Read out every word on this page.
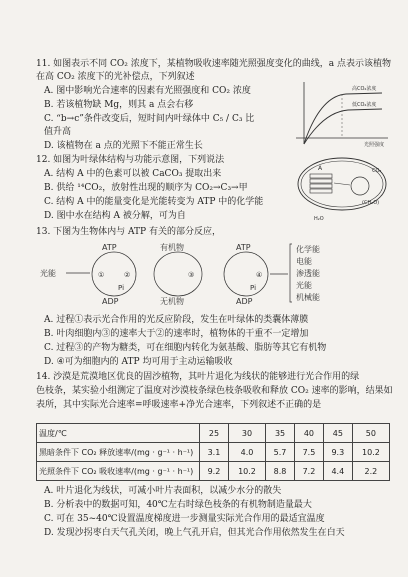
11. 如图表示不同 CO₂ 浓度下，某植物吸收速率随光照强度变化的曲线，a 点表示该植物
在高 CO₂ 浓度下的光补偿点，下列叙述
A. 图中影响光合速率的因素有光照强度和 CO₂ 浓度
B. 若该植物缺 Mg，则其 a 点会右移
C. “b→c”条件改变后，短时间内叶绿体中 C₅ / C₃ 比
值升高
D. 该植物在 a 点的光照下不能正常生长
高CO₂浓度
低CO₂浓度
光照强度
12. 如图为叶绿体结构与功能示意图，下列说法
A. 结构 A 中的色素可以被 CaCO₃ 提取出来
B. 供给 ¹⁴CO₂，放射性出现的顺序为 CO₂→C₃→甲
C. 结构 A 中的能量变化是光能转变为 ATP 中的化学能
D. 图中水在结构 A 被分解，可为自
A	CO₂
(CH₂O)
H₂O
13. 下图为生物体内与 ATP 有关的部分反应，
光能
ATP
ADP
Pi
①	②
有机物
无机物
③
ATP
ADP
Pi
④
化学能
电能
渗透能
光能
机械能
A. 过程①表示光合作用的光反应阶段，发生在叶绿体的类囊体薄膜
B. 叶肉细胞内③的速率大于②的速率时，植物体的干重不一定增加
C. 过程③的产物为糖类，可在细胞内转化为氨基酸、脂肪等其它有机物
D. ④可为细胞内的 ATP 均可用于主动运输吸收
14. 沙漠是荒漠地区优良的固沙植物，其叶片退化为线状的能够进行光合作用的绿
色枝条，某实验小组测定了温度对沙漠枝条绿色枝条吸收和释放 CO₂ 速率的影响，结果如
表所，其中实际光合速率=呼吸速率+净光合速率，下列叙述不正确的是
温度/℃	25	30	35	40	45	50
黑暗条件下 CO₂ 释放速率/(mg · g⁻¹ · h⁻¹)	3.1	4.0	5.7	7.5	9.3	10.2
光照条件下 CO₂ 吸收速率/(mg · g⁻¹ · h⁻¹)	9.2	10.2	8.8	7.2	4.4	2.2
A. 叶片退化为线状，可减小叶片表面积，以减少水分的散失
B. 分析表中的数据可知，40℃左右时绿色枝条的有机物制造量最大
C. 可在 35~40℃设置温度梯度进一步测量实际光合作用的最适宜温度
D. 发现沙拐枣白天气孔关闭，晚上气孔开启，但其光合作用依然发生在白天
